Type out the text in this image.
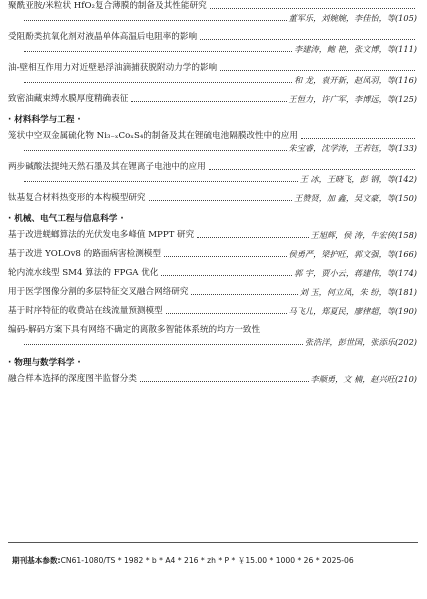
聚酰亚胺/米粒状 HfO₂复合薄膜的制备及其性能研究
董军乐，刘婉婉，李佳怡，等(105)
受阻酚类抗氧化剂对液晶单体高温后电阻率的影响
李建涛，鲍 艳，张文博，等(111)
油-壁相互作用力对近壁悬浮油滴捕获脱附动力学的影响
和 龙，袁开新，赵凤羽，等(116)
致密油藏束缚水膜厚度精确表征	王恒力，许广军，李博远，等(125)
· 材料科学与工程 ·
笼状中空双金属硫化物 Ni₃₋ₓCoₓS₄的制备及其在锂硫电池隔膜改性中的应用
朱宝睿，沈学涛，王若钰，等(133)
两步碱酸法提纯天然石墨及其在锂离子电池中的应用
王 冰，王晓飞，彭 钢，等(142)
钛基复合材料热变形的本构模型研究	王赞贤，加 鑫，吴文豪，等(150)
· 机械、电气工程与信息科学 ·
基于改进蜣螂算法的光伏发电多峰值 MPPT 研究	王旭辉，侯 涛，牛宏侠(158)
基于改进 YOLOv8 的路面病害检测模型	侯勇严，梁护旺，郭文强，等(166)
轮内流水线型 SM4 算法的 FPGA 优化	郭 宇，贾小云，蒋建伟，等(174)
用于医学图像分割的多层特征交叉融合网络研究	刘 玉，何立凤，朱 纷，等(181)
基于时序特征的收费站在线流量预测模型	马飞儿，郑夏民，廖律超，等(190)
编码-解码方案下具有网络不确定的离散多智能体系统的均方一致性
张浩洋，彭世国，张添乐(202)
· 物理与数学科学 ·
融合样本选择的深度图半监督分类	李顺勇，文 楠，赵兴旺(210)
期刊基本参数:CN61-1080/TS * 1982 * b * A4 * 216 * zh * P * ￥15.00 * 1000 * 26 * 2025-06
